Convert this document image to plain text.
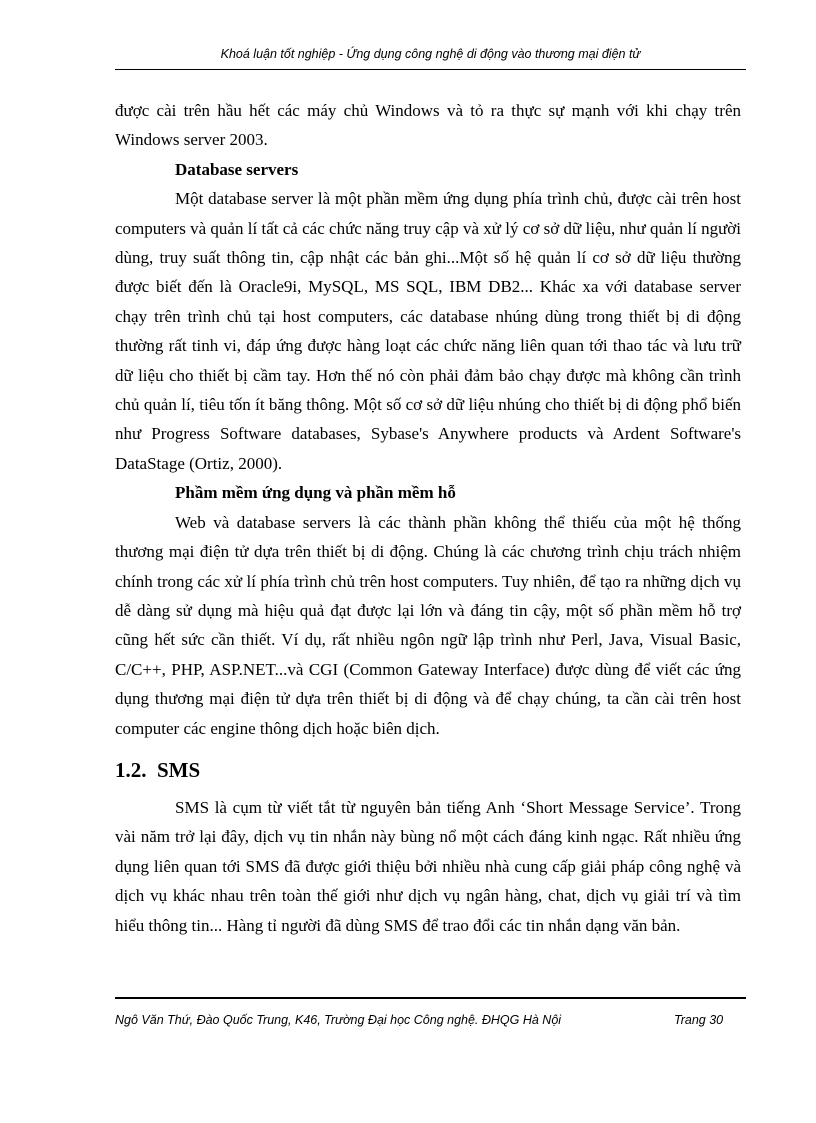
Khoá luận tốt nghiệp - Ứng dụng công nghệ di động vào thương mại điện tử

được cài trên hầu hết các máy chủ Windows và tỏ ra thực sự mạnh với khi chạy trên Windows server 2003.

Database servers

Một database server là một phần mềm ứng dụng phía trình chủ, được cài trên host computers và quản lí tất cả các chức năng truy cập và xử lý cơ sở dữ liệu, như quản lí người dùng, truy suất thông tin, cập nhật các bản ghi...Một số hệ quản lí cơ sở dữ liệu thường được biết đến là Oracle9i, MySQL, MS SQL, IBM DB2... Khác xa với database server chạy trên trình chủ tại host computers, các database nhúng dùng trong thiết bị di động thường rất tinh vi, đáp ứng được hàng loạt các chức năng liên quan tới thao tác và lưu trữ dữ liệu cho thiết bị cầm tay. Hơn thế nó còn phải đảm bảo chạy được mà không cần trình chủ quản lí, tiêu tốn ít băng thông. Một số cơ sở dữ liệu nhúng cho thiết bị di động phổ biến như Progress Software databases, Sybase's Anywhere products và Ardent Software's DataStage (Ortiz, 2000).

Phầm mềm ứng dụng và phần mềm hỗ

Web và database servers là các thành phần không thể thiếu của một hệ thống thương mại điện tử dựa trên thiết bị di động. Chúng là các chương trình chịu trách nhiệm chính trong các xử lí phía trình chủ trên host computers. Tuy nhiên, để tạo ra những dịch vụ dễ dàng sử dụng mà hiệu quả đạt được lại lớn và đáng tin cậy, một số phần mềm hỗ trợ cũng hết sức cần thiết. Ví dụ, rất nhiều ngôn ngữ lập trình như Perl, Java, Visual Basic, C/C++, PHP, ASP.NET...và CGI (Common Gateway Interface) được dùng để viết các ứng dụng thương mại điện tử dựa trên thiết bị di động và để chạy chúng, ta cần cài trên host computer các engine thông dịch hoặc biên dịch.

1.2. SMS

SMS là cụm từ viết tắt từ nguyên bản tiếng Anh ‘Short Message Service’. Trong vài năm trở lại đây, dịch vụ tin nhắn này bùng nổ một cách đáng kinh ngạc. Rất nhiều ứng dụng liên quan tới SMS đã được giới thiệu bởi nhiều nhà cung cấp giải pháp công nghệ và dịch vụ khác nhau trên toàn thế giới như dịch vụ ngân hàng, chat, dịch vụ giải trí và tìm hiểu thông tin... Hàng tỉ người đã dùng SMS để trao đổi các tin nhắn dạng văn bản.

Ngô Văn Thứ, Đào Quốc Trung, K46, Trường Đại học Công nghệ. ĐHQG Hà Nội	Trang 30
